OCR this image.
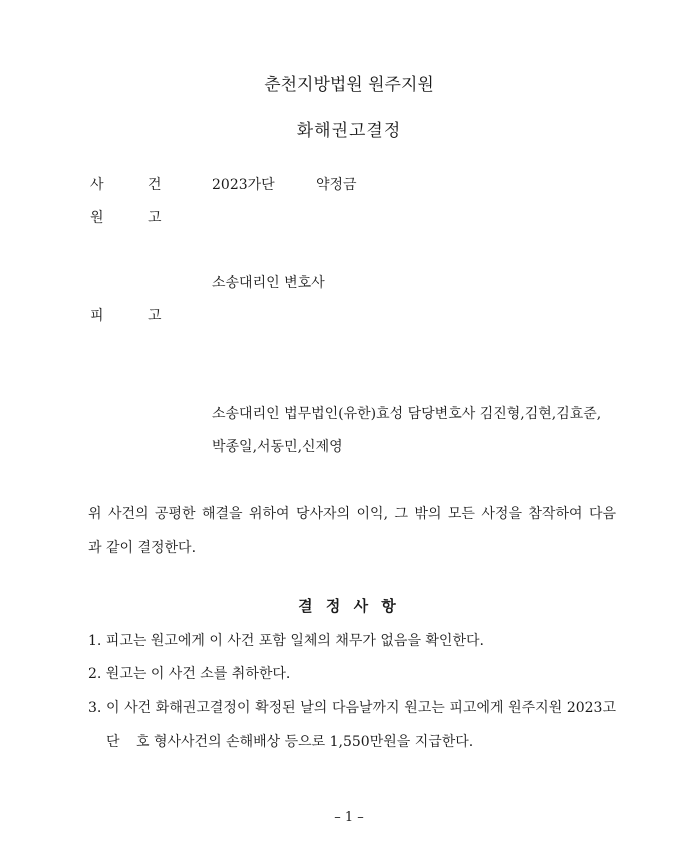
춘천지방법원 원주지원
화해권고결정
사	건	2023가단	약정금
원	고
소송대리인 변호사
피	고
소송대리인 법무법인(유한)효성 담당변호사 김진형,김현,김효준,
박종일,서동민,신제영
위 사건의 공평한 해결을 위하여 당사자의 이익, 그 밖의 모든 사정을 참작하여 다음
과 같이 결정한다.
결 정 사 항
1. 피고는 원고에게 이 사건 포함 일체의 채무가 없음을 확인한다.
2. 원고는 이 사건 소를 취하한다.
3. 이 사건 화해권고결정이 확정된 날의 다음날까지 원고는 피고에게 원주지원 2023고
단 호 형사사건의 손해배상 등으로 1,550만원을 지급한다.
– 1 –
